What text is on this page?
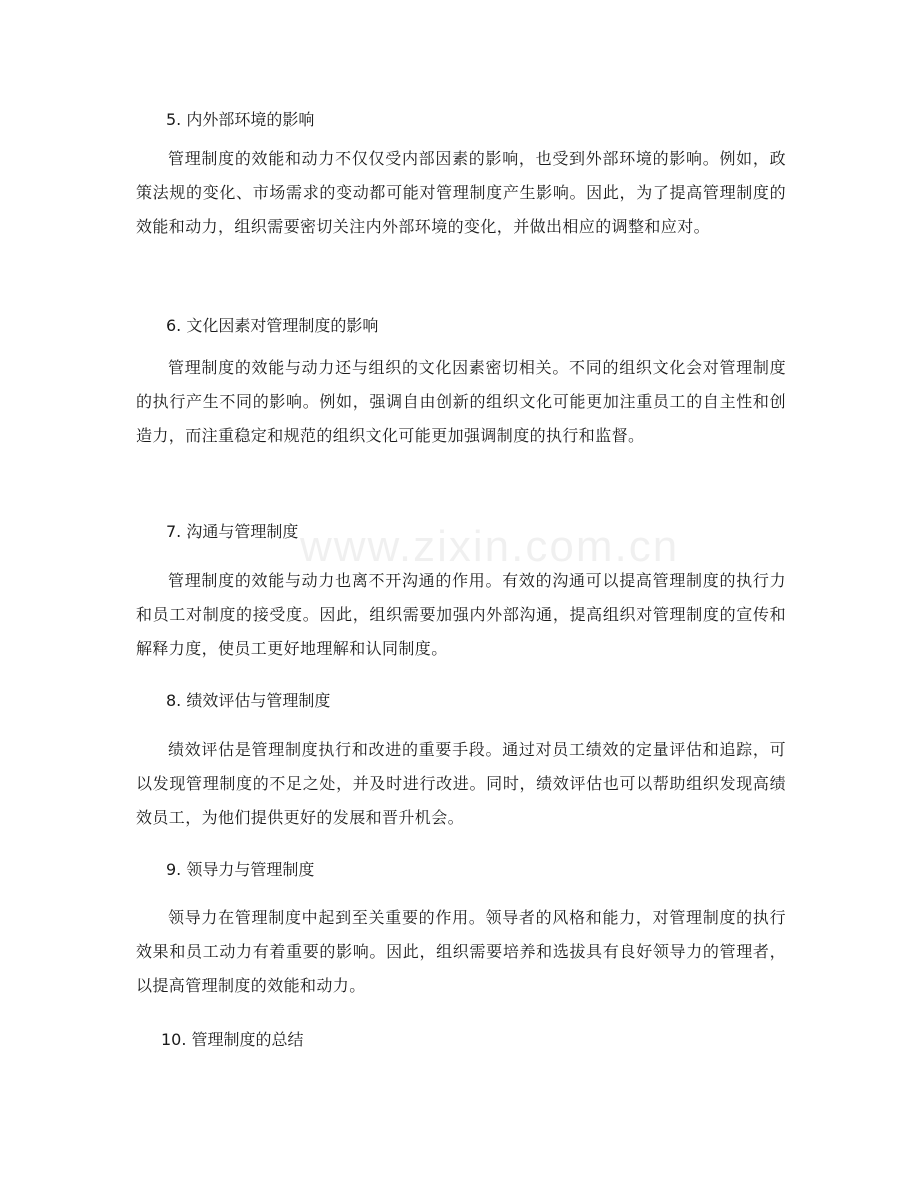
5. 内外部环境的影响

管理制度的效能和动力不仅仅受内部因素的影响，也受到外部环境的影响。例如，政策法规的变化、市场需求的变动都可能对管理制度产生影响。因此，为了提高管理制度的效能和动力，组织需要密切关注内外部环境的变化，并做出相应的调整和应对。

6. 文化因素对管理制度的影响

管理制度的效能与动力还与组织的文化因素密切相关。不同的组织文化会对管理制度的执行产生不同的影响。例如，强调自由创新的组织文化可能更加注重员工的自主性和创造力，而注重稳定和规范的组织文化可能更加强调制度的执行和监督。

7. 沟通与管理制度

管理制度的效能与动力也离不开沟通的作用。有效的沟通可以提高管理制度的执行力和员工对制度的接受度。因此，组织需要加强内外部沟通，提高组织对管理制度的宣传和解释力度，使员工更好地理解和认同制度。

8. 绩效评估与管理制度

绩效评估是管理制度执行和改进的重要手段。通过对员工绩效的定量评估和追踪，可以发现管理制度的不足之处，并及时进行改进。同时，绩效评估也可以帮助组织发现高绩效员工，为他们提供更好的发展和晋升机会。

9. 领导力与管理制度

领导力在管理制度中起到至关重要的作用。领导者的风格和能力，对管理制度的执行效果和员工动力有着重要的影响。因此，组织需要培养和选拔具有良好领导力的管理者，以提高管理制度的效能和动力。

10. 管理制度的总结
www.zixin.com.cn
